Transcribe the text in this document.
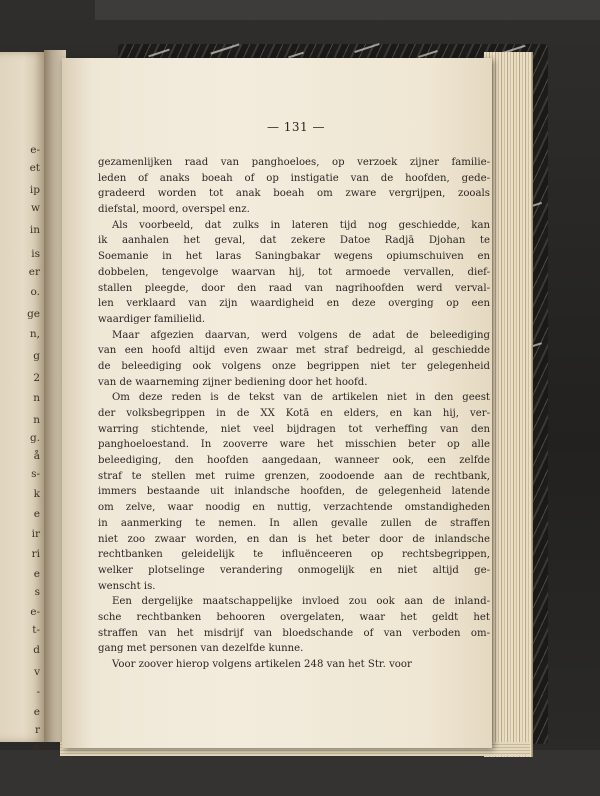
e-
et
ip
w
in
is
er
o.
ge
n,
g
2
n
n
g.
å
s-
k
e
ir
ri
e
s
e-
t-
d
v
-
e
r
n
n
— 131 —
gezamenlijken raad van panghoeloes, op verzoek zijner familie-
leden of anaks boeah of op instigatie van de hoofden, gede-
gradeerd worden tot anak boeah om zware vergrijpen, zooals
diefstal, moord, overspel enz.
Als voorbeeld, dat zulks in lateren tijd nog geschiedde, kan
ik aanhalen het geval, dat zekere Datoe Radjā Djohan te
Soemanie in het laras Saningbakar wegens opiumschuiven en
dobbelen, tengevolge waarvan hij, tot armoede vervallen, dief-
stallen pleegde, door den raad van nagrihoofden werd verval-
len verklaard van zijn waardigheid en deze overging op een
waardiger familielid.
Maar afgezien daarvan, werd volgens de adat de beleediging
van een hoofd altijd even zwaar met straf bedreigd, al geschiedde
de beleediging ook volgens onze begrippen niet ter gelegenheid
van de waarneming zijner bediening door het hoofd.
Om deze reden is de tekst van de artikelen niet in den geest
der volksbegrippen in de XX Kotā en elders, en kan hij, ver-
warring stichtende, niet veel bijdragen tot verheffing van den
panghoeloestand. In zooverre ware het misschien beter op alle
beleediging, den hoofden aangedaan, wanneer ook, een zelfde
straf te stellen met ruime grenzen, zoodoende aan de rechtbank,
immers bestaande uit inlandsche hoofden, de gelegenheid latende
om zelve, waar noodig en nuttig, verzachtende omstandigheden
in aanmerking te nemen. In allen gevalle zullen de straffen
niet zoo zwaar worden, en dan is het beter door de inlandsche
rechtbanken geleidelijk te influënceeren op rechtsbegrippen,
welker plotselinge verandering onmogelijk en niet altijd ge-
wenscht is.
Een dergelijke maatschappelijke invloed zou ook aan de inland-
sche rechtbanken behooren overgelaten, waar het geldt het
straffen van het misdrijf van bloedschande of van verboden om-
gang met personen van dezelfde kunne.
Voor zoover hierop volgens artikelen 248 van het Str. voor
